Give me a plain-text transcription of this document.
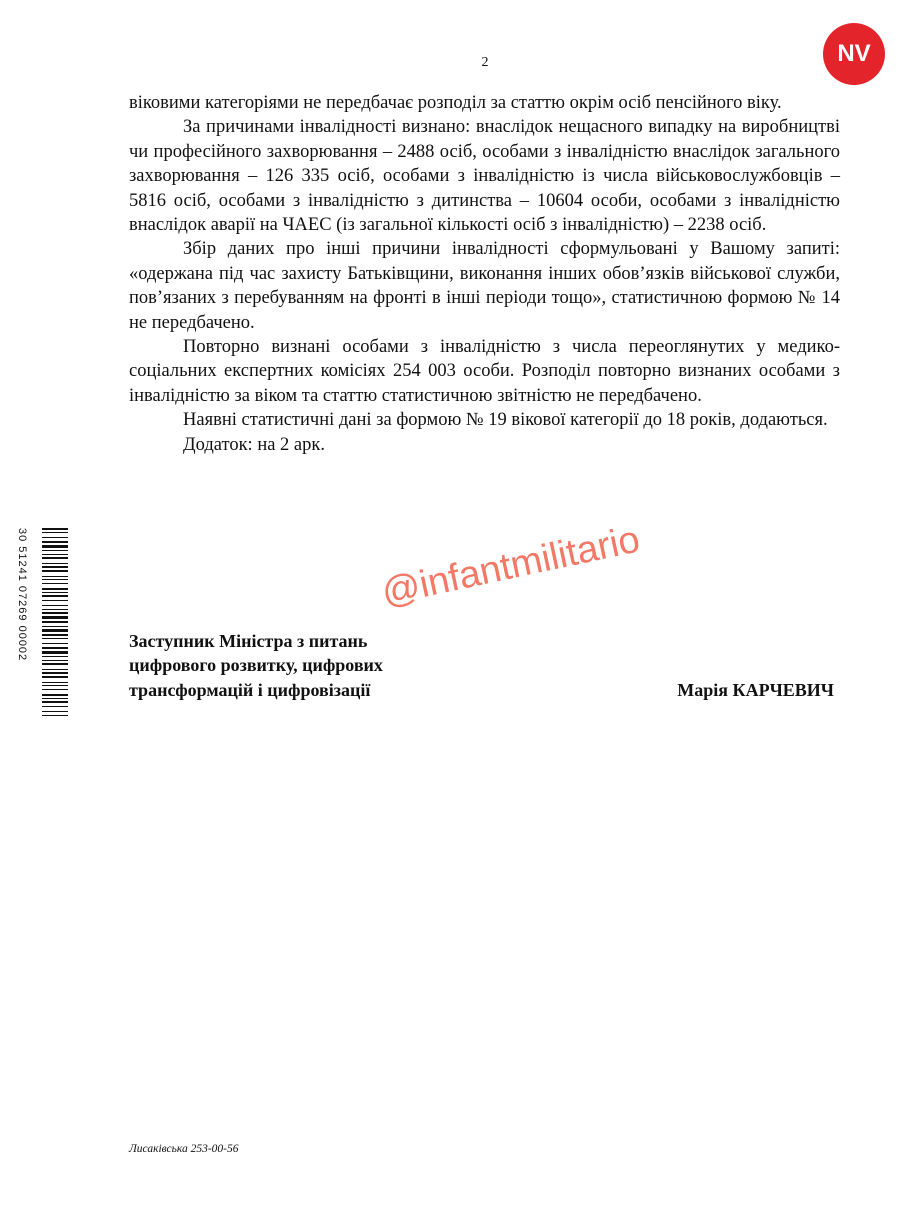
2	NV

віковими категоріями не передбачає розподіл за статтю окрім осіб пенсійного віку.

За причинами інвалідності визнано: внаслідок нещасного випадку на виробництві чи професійного захворювання – 2488 осіб, особами з інвалідністю внаслідок загального захворювання – 126 335 осіб, особами з інвалідністю із числа військовослужбовців – 5816 осіб, особами з інвалідністю з дитинства – 10604 особи, особами з інвалідністю внаслідок аварії на ЧАЕС (із загальної кількості осіб з інвалідністю) – 2238 осіб.

Збір даних про інші причини інвалідності сформульовані у Вашому запиті: «одержана під час захисту Батьківщини, виконання інших обов’язків військової служби, пов’язаних з перебуванням на фронті в інші періоди тощо», статистичною формою № 14 не передбачено.

Повторно визнані особами з інвалідністю з числа переоглянутих у медико-соціальних експертних комісіях 254 003 особи. Розподіл повторно визнаних особами з інвалідністю за віком та статтю статистичною звітністю не передбачено.

Наявні статистичні дані за формою № 19 вікової категорії до 18 років, додаються.

Додаток: на 2 арк.

@infantmilitario
Заступник Міністра з питань
цифрового розвитку, цифрових
трансформацій і цифровізації	Марія КАРЧЕВИЧ
30 51241 07269 00002
Лисаківська 253-00-56
